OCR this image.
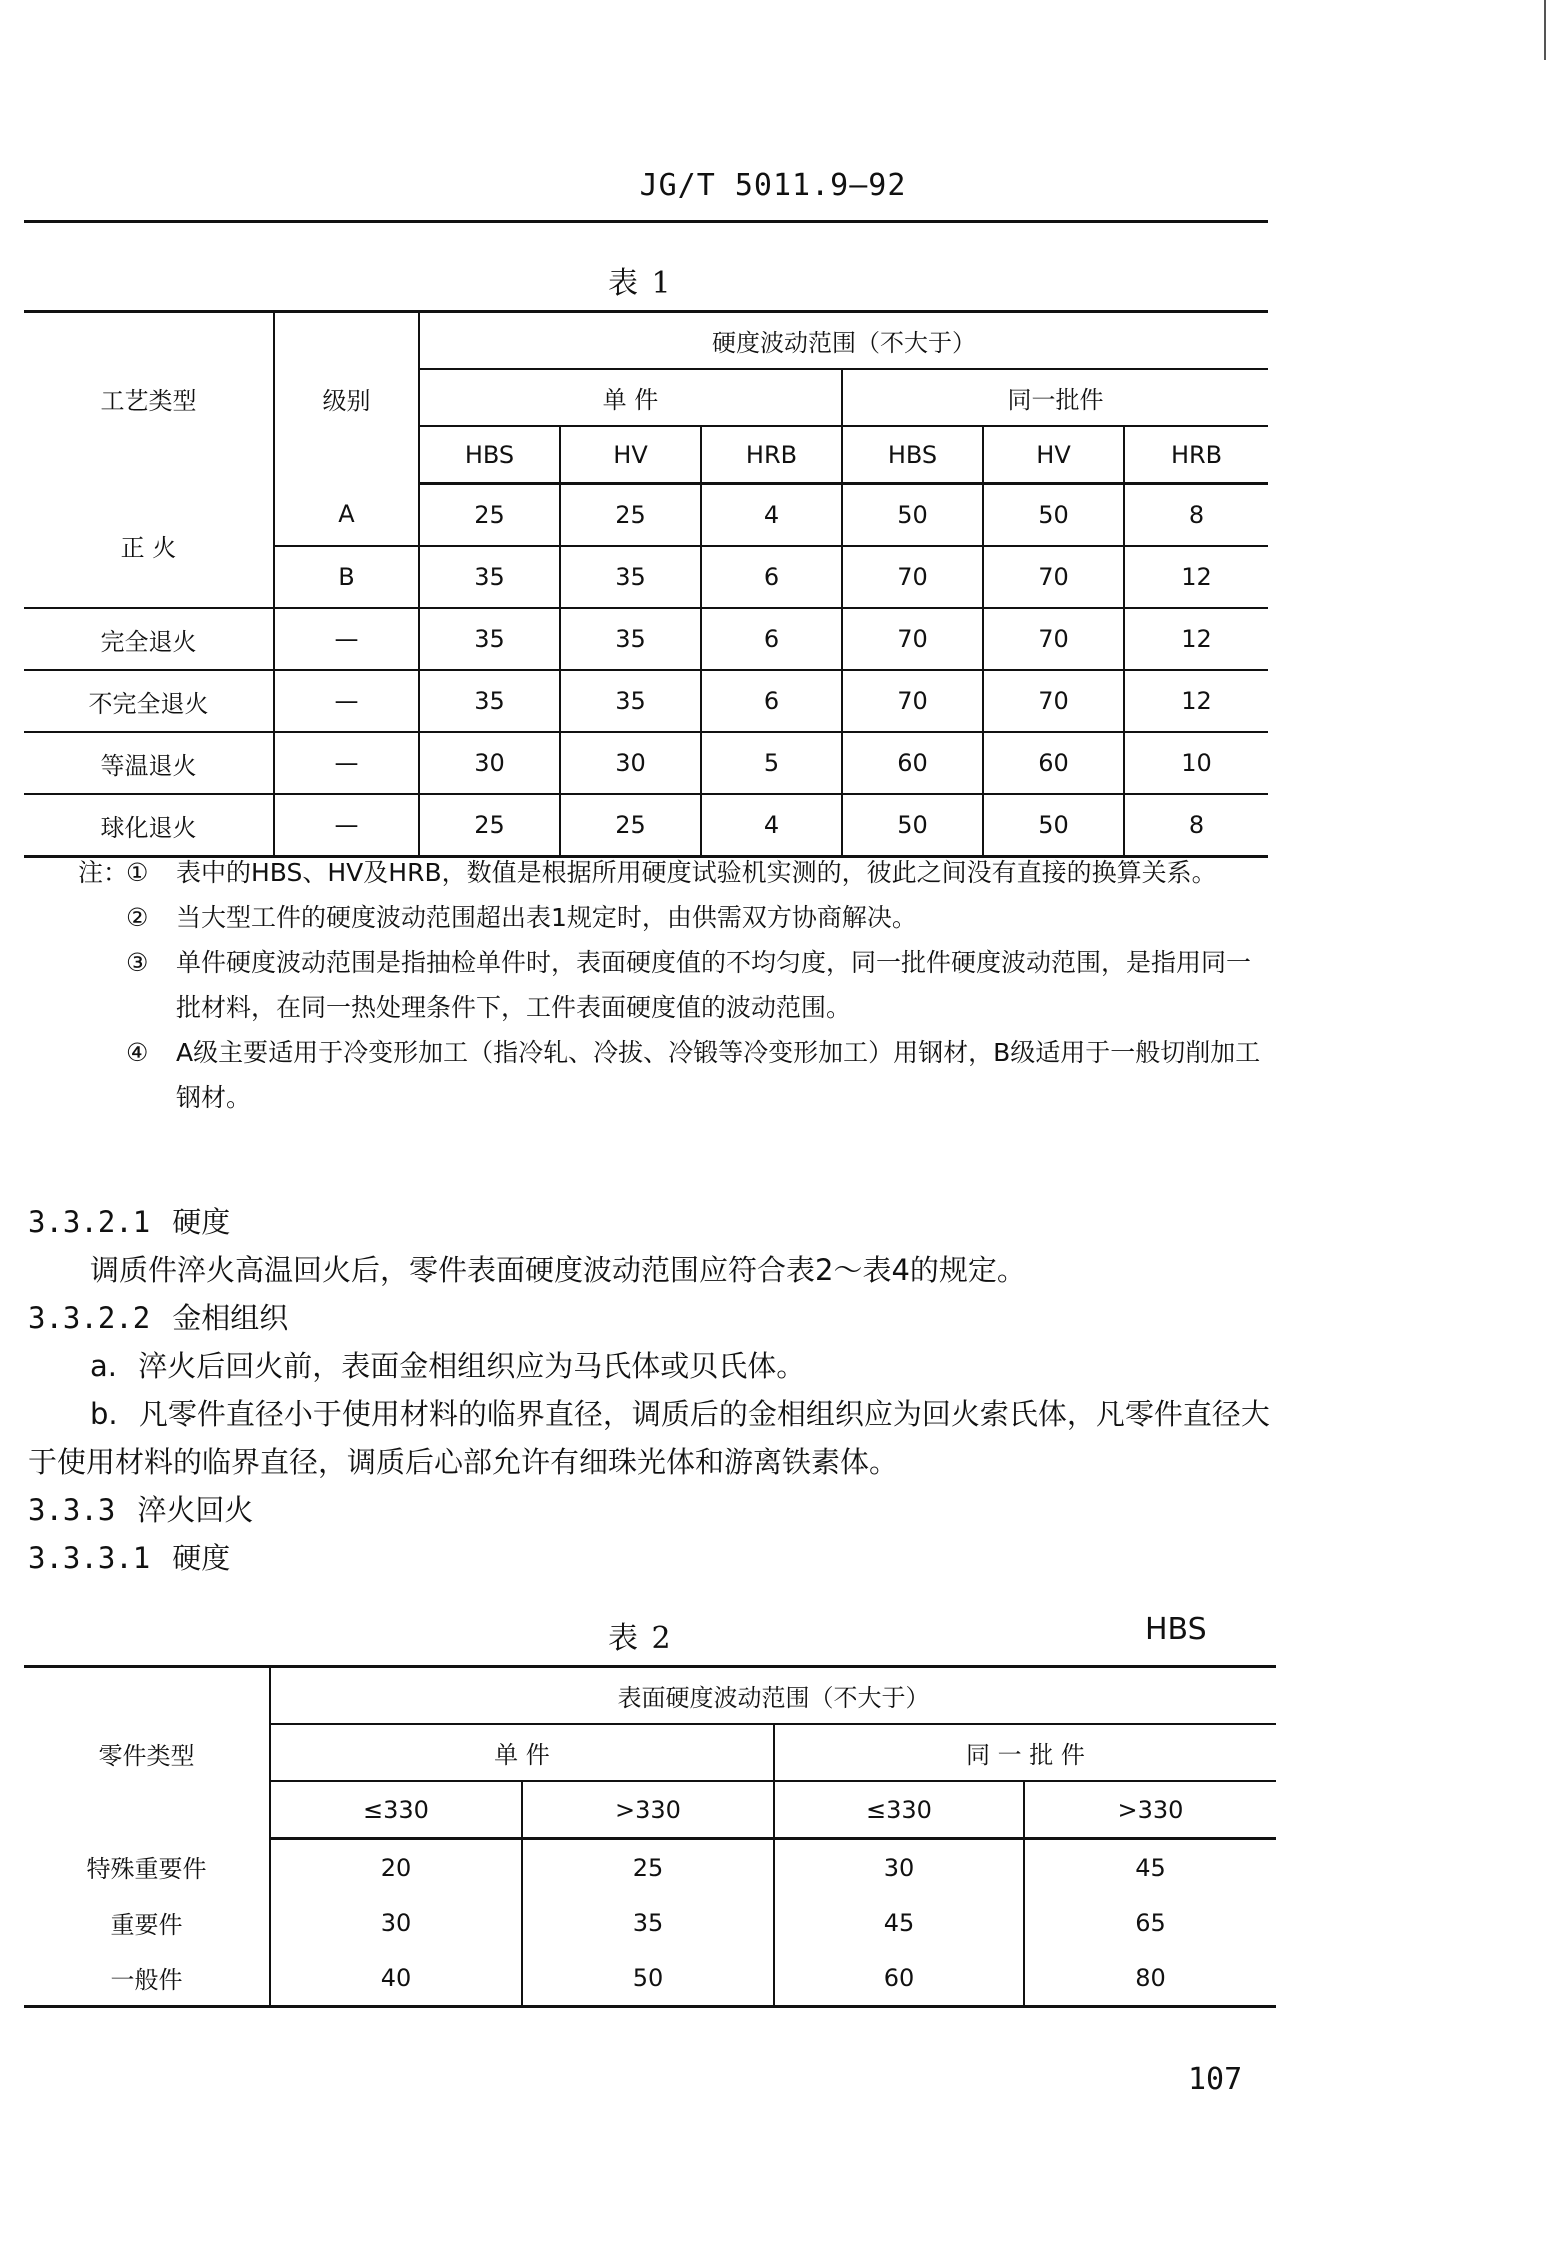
JG/T 5011.9—92
表 1
工艺类型	级别	硬度波动范围（不大于）					
		单 件			同一批件		
		HBS	HV	HRB	HBS	HV	HRB
正 火	A	25	25	4	50	50	8
	B	35	35	6	70	70	12
完全退火	—	35	35	6	70	70	12
不完全退火	—	35	35	6	70	70	12
等温退火	—	30	30	5	60	60	10
球化退火	—	25	25	4	50	50	8
注：
① 表中的HBS、HV及HRB，数值是根据所用硬度试验机实测的，彼此之间没有直接的换算关系。
② 当大型工件的硬度波动范围超出表1规定时，由供需双方协商解决。
③ 单件硬度波动范围是指抽检单件时，表面硬度值的不均匀度，同一批件硬度波动范围，是指用同一批材料，在同一热处理条件下，工件表面硬度值的波动范围。
④ A级主要适用于冷变形加工（指冷轧、冷拔、冷锻等冷变形加工）用钢材，B级适用于一般切削加工钢材。
3.3.2.1 硬度
调质件淬火高温回火后，零件表面硬度波动范围应符合表2～表4的规定。
3.3.2.2 金相组织
a. 淬火后回火前，表面金相组织应为马氏体或贝氏体。
b. 凡零件直径小于使用材料的临界直径，调质后的金相组织应为回火索氏体，凡零件直径大于使用材料的临界直径，调质后心部允许有细珠光体和游离铁素体。
3.3.3 淬火回火
3.3.3.1 硬度
表 2	HBS
零件类型	表面硬度波动范围（不大于）			
	单 件		同 一 批 件	
	≤330	>330	≤330	>330
特殊重要件	20	25	30	45
重要件	30	35	45	65
一般件	40	50	60	80
107
